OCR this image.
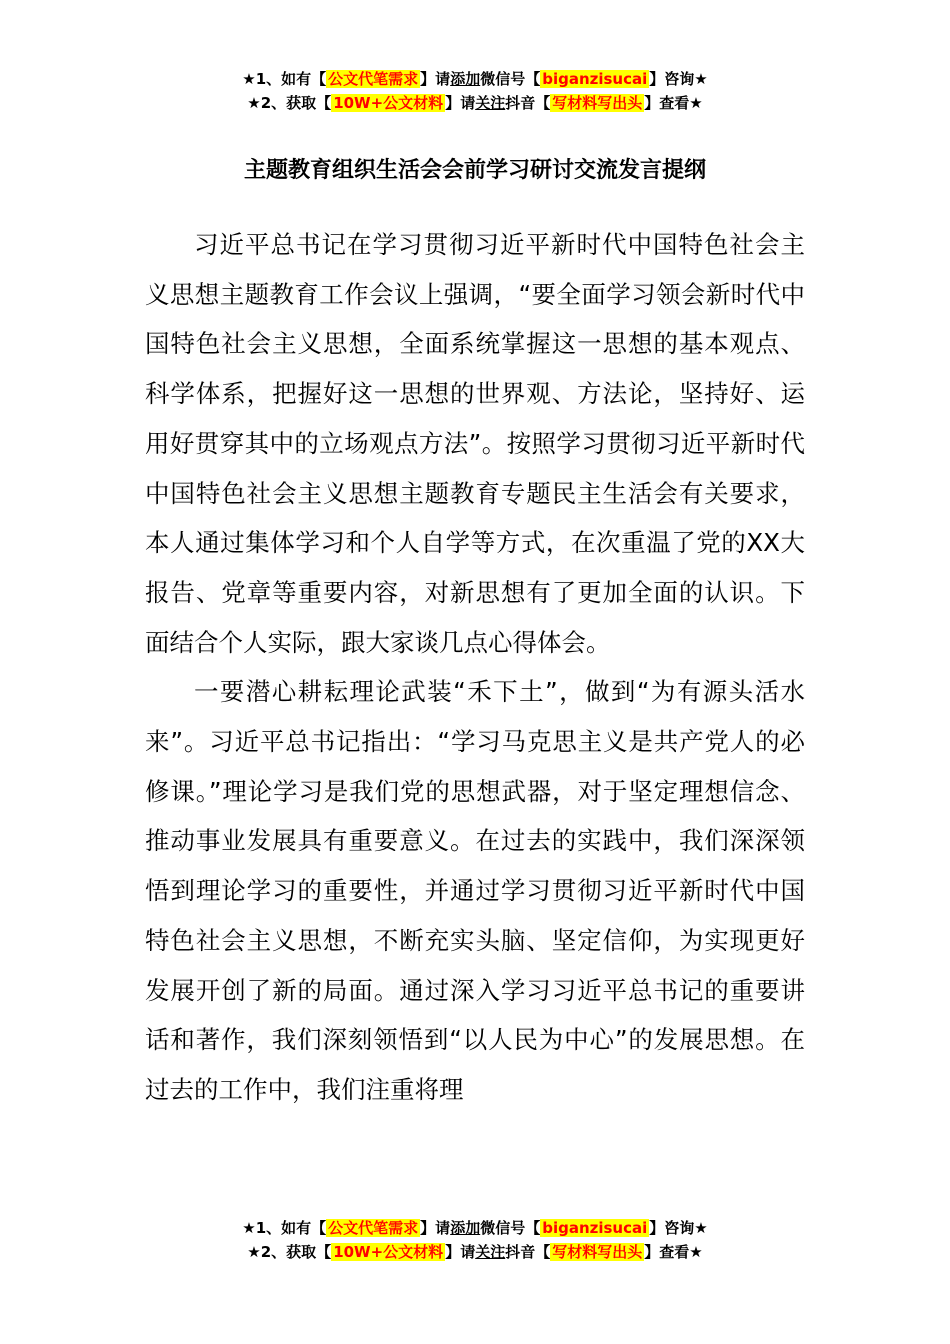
★1、如有【 公文代笔需求 】请添加微信号【 biganzisucai 】咨询★
★2、获取【 10W+公文材料 】请关注抖音【 写材料写出头 】查看★
主题教育组织生活会会前学习研讨交流发言提纲

习近平总书记在学习贯彻习近平新时代中国特色社会主义思想主题教育工作会议上强调，“要全面学习领会新时代中国特色社会主义思想，全面系统掌握这一思想的基本观点、科学体系，把握好这一思想的世界观、方法论，坚持好、运用好贯穿其中的立场观点方法”。按照学习贯彻习近平新时代中国特色社会主义思想主题教育专题民主生活会有关要求，本人通过集体学习和个人自学等方式，在次重温了党的XX大报告、党章等重要内容，对新思想有了更加全面的认识。下面结合个人实际，跟大家谈几点心得体会。

一要潜心耕耘理论武装“禾下土”，做到“为有源头活水来”。习近平总书记指出：“学习马克思主义是共产党人的必修课。”理论学习是我们党的思想武器，对于坚定理想信念、推动事业发展具有重要意义。在过去的实践中，我们深深领悟到理论学习的重要性，并通过学习贯彻习近平新时代中国特色社会主义思想，不断充实头脑、坚定信仰，为实现更好发展开创了新的局面。通过深入学习习近平总书记的重要讲话和著作，我们深刻领悟到“以人民为中心”的发展思想。在过去的工作中，我们注重将理

★1、如有【 公文代笔需求 】请添加微信号【 biganzisucai 】咨询★
★2、获取【 10W+公文材料 】请关注抖音【 写材料写出头 】查看★
